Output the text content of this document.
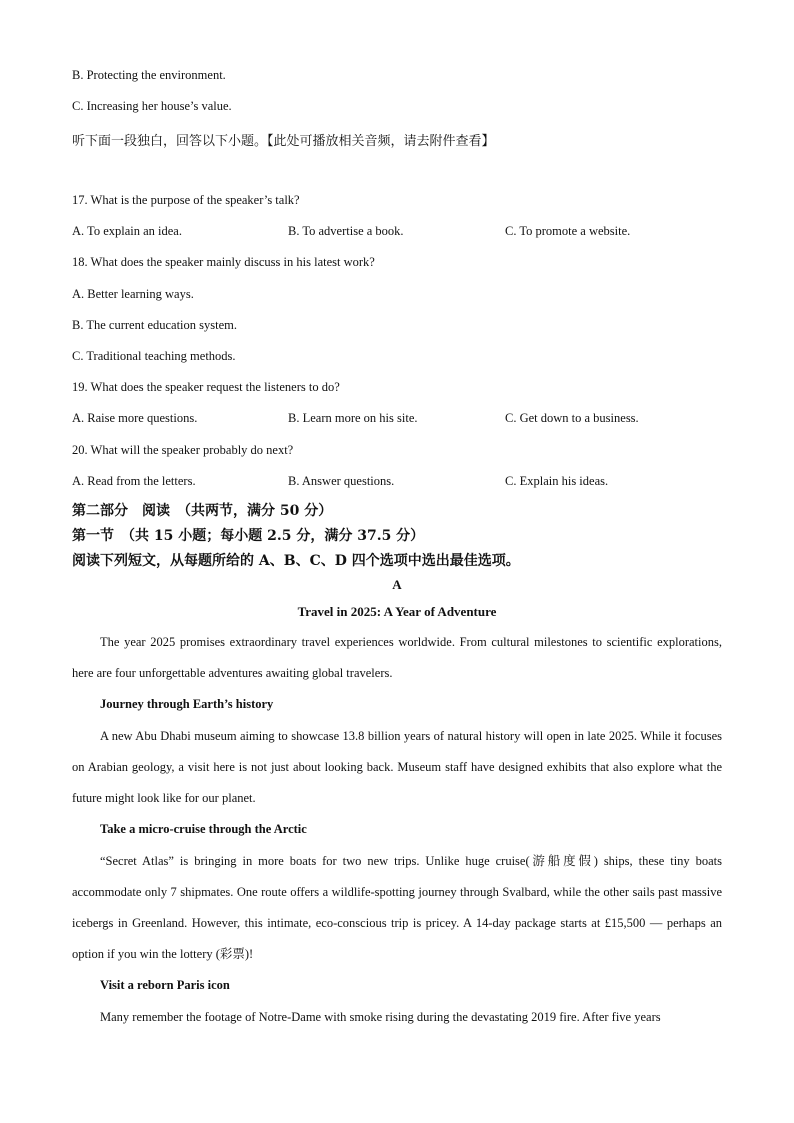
B. Protecting the environment.
C. Increasing her house’s value.
听下面一段独白，回答以下小题。【此处可播放相关音频，请去附件查看】
17. What is the purpose of the speaker’s talk?
A. To explain an idea.	B. To advertise a book.	C. To promote a website.
18. What does the speaker mainly discuss in his latest work?
A. Better learning ways.
B. The current education system.
C. Traditional teaching methods.
19. What does the speaker request the listeners to do?
A. Raise more questions.	B. Learn more on his site.	C. Get down to a business.
20. What will the speaker probably do next?
A. Read from the letters.	B. Answer questions.	C. Explain his ideas.
第二部分　阅读　（共两节，满分 50 分）
第一节　（共 15 小题；每小题 2.5 分，满分 37.5 分）
阅读下列短文，从每题所给的 A、B、C、D 四个选项中选出最佳选项。
A
Travel in 2025: A Year of Adventure

The year 2025 promises extraordinary travel experiences worldwide. From cultural milestones to scientific explorations, here are four unforgettable adventures awaiting global travelers.

Journey through Earth’s history

A new Abu Dhabi museum aiming to showcase 13.8 billion years of natural history will open in late 2025. While it focuses on Arabian geology, a visit here is not just about looking back. Museum staff have designed exhibits that also explore what the future might look like for our planet.

Take a micro-cruise through the Arctic

“Secret Atlas” is bringing in more boats for two new trips. Unlike huge cruise(游船度假) ships, these tiny boats accommodate only 7 shipmates. One route offers a wildlife-spotting journey through Svalbard, while the other sails past massive icebergs in Greenland. However, this intimate, eco-conscious trip is pricey. A 14-day package starts at £15,500 — perhaps an option if you win the lottery (彩票)!

Visit a reborn Paris icon

Many remember the footage of Notre-Dame with smoke rising during the devastating 2019 fire. After five years
